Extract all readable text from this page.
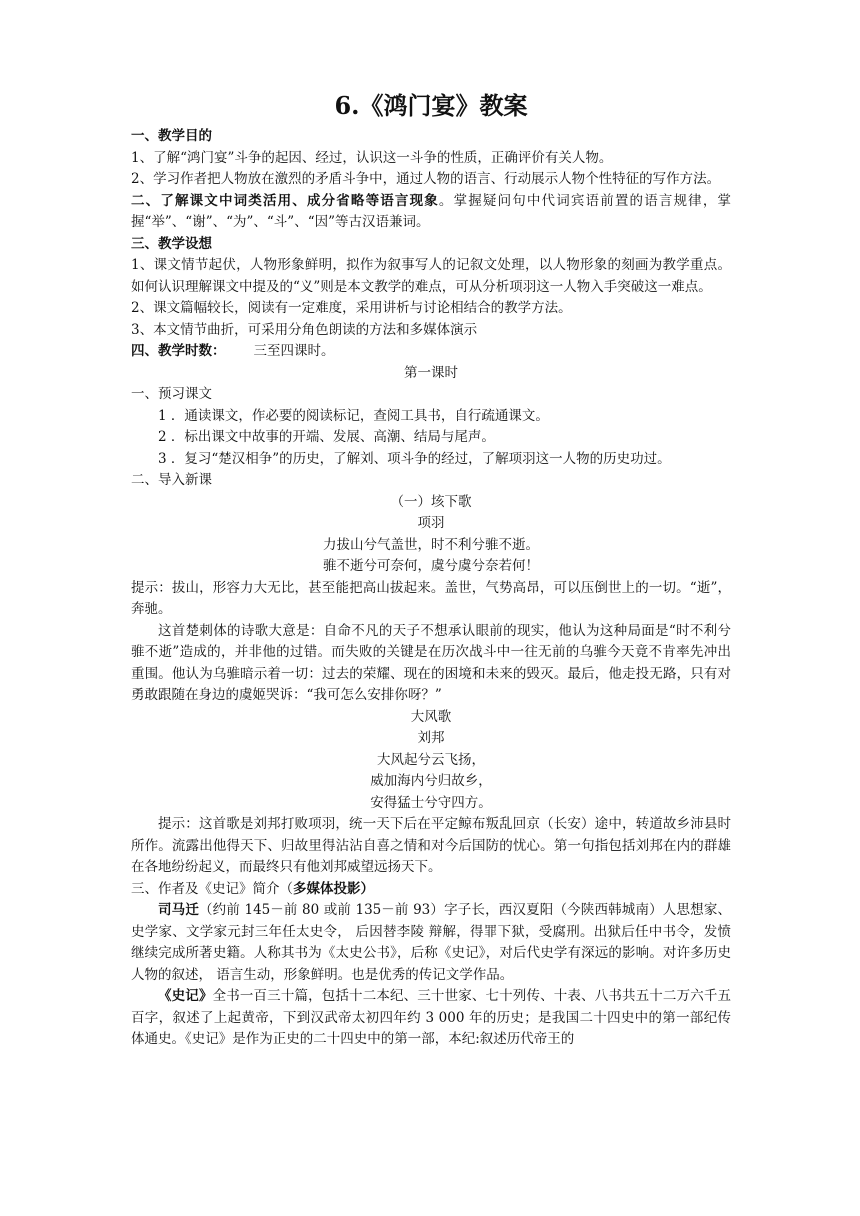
6.《鸿门宴》教案

一、教学目的

1、了解“鸿门宴”斗争的起因、经过，认识这一斗争的性质，正确评价有关人物。

2、学习作者把人物放在激烈的矛盾斗争中，通过人物的语言、行动展示人物个性特征的写作方法。

二、了解课文中词类活用、成分省略等语言现象。掌握疑问句中代词宾语前置的语言规律，掌握“举”、“谢”、“为”、“斗”、“因”等古汉语兼词。

三、教学设想

1、课文情节起伏，人物形象鲜明，拟作为叙事写人的记叙文处理，以人物形象的刻画为教学重点。如何认识理解课文中提及的“义”则是本文教学的难点，可从分析项羽这一人物入手突破这一难点。

2、课文篇幅较长，阅读有一定难度，采用讲析与讨论相结合的教学方法。

3、本文情节曲折，可采用分角色朗读的方法和多媒体演示

四、教学时数： 三至四课时。

第一课时

一、预习课文

1 ．通读课文，作必要的阅读标记，查阅工具书，自行疏通课文。

2 ．标出课文中故事的开端、发展、高潮、结局与尾声。

3 ．复习“楚汉相争”的历史，了解刘、项斗争的经过，了解项羽这一人物的历史功过。

二、导入新课

（一）垓下歌

项羽

力拔山兮气盖世，时不利兮骓不逝。

骓不逝兮可奈何，虞兮虞兮奈若何！

提示：拔山，形容力大无比，甚至能把高山拔起来。盖世，气势高昂，可以压倒世上的一切。“逝”，奔驰。

这首楚刺体的诗歌大意是：自命不凡的天子不想承认眼前的现实，他认为这种局面是“时不利兮骓不逝”造成的，并非他的过错。而失败的关键是在历次战斗中一往无前的乌骓今天竟不肯率先冲出重围。他认为乌骓暗示着一切：过去的荣耀、现在的困境和未来的毁灭。最后，他走投无路，只有对勇敢跟随在身边的虞姬哭诉：“我可怎么安排你呀？”

大风歌

刘邦

大风起兮云飞扬，

威加海内兮归故乡，

安得猛士兮守四方。

提示：这首歌是刘邦打败项羽，统一天下后在平定鲸布叛乱回京（长安）途中，转道故乡沛县时所作。流露出他得天下、归故里得沾沾自喜之情和对今后国防的忧心。第一句指包括刘邦在内的群雄在各地纷纷起义，而最终只有他刘邦威望远扬天下。

三、作者及《史记》简介（多媒体投影）

司马迁（约前 145－前 80 或前 135－前 93）字子长，西汉夏阳（今陕西韩城南）人思想家、史学家、文学家元封三年任太史令， 后因替李陵 辩解，得罪下狱，受腐刑。出狱后任中书令，发愤继续完成所著史籍。人称其书为《太史公书》，后称《史记》，对后代史学有深远的影响。对许多历史人物的叙述， 语言生动，形象鲜明。也是优秀的传记文学作品。

《史记》全书一百三十篇，包括十二本纪、三十世家、七十列传、十表、八书共五十二万六千五百字，叙述了上起黄帝，下到汉武帝太初四年约 3 000 年的历史；是我国二十四史中的第一部纪传体通史。《史记》是作为正史的二十四史中的第一部，本纪:叙述历代帝王的
